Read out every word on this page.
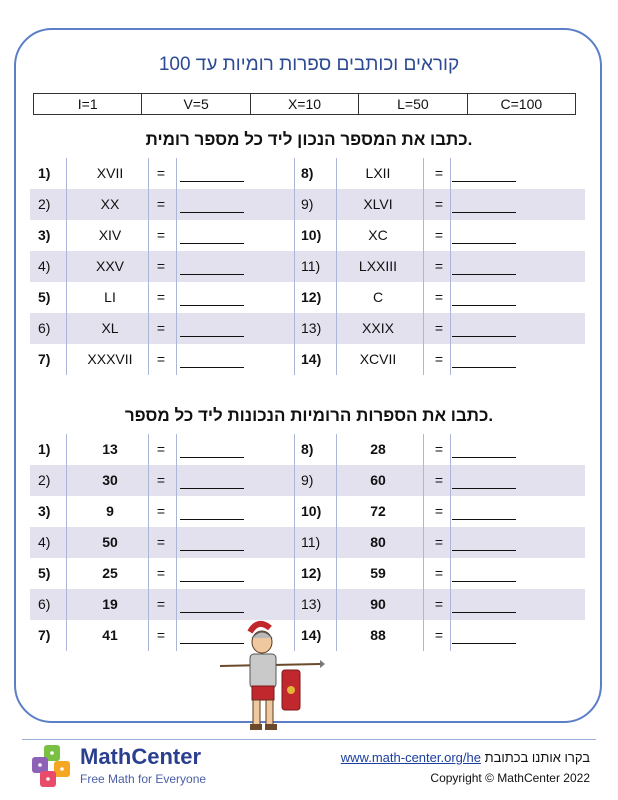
קוראים וכותבים ספרות רומיות עד 100
I=1	V=5	X=10	L=50	C=100
כתבו את המספר הנכון ליד כל מספר רומית.
1)	XVII	=	8)	LXII	=
2)	XX	=	9)	XLVI	=
3)	XIV	=	10)	XC	=
4)	XXV	=	11)	LXXIII	=
5)	LI	=	12)	C	=
6)	XL	=	13)	XXIX	=
7)	XXXVII	=	14)	XCVII	=
כתבו את הספרות הרומיות הנכונות ליד כל מספר.
1)	13	=	8)	28	=
2)	30	=	9)	60	=
3)	9	=	10)	72	=
4)	50	=	11)	80	=
5)	25	=	12)	59	=
6)	19	=	13)	90	=
7)	41	=	14)	88	=
MathCenter
Free Math for Everyone
www.math-center.org/he בקרו אותנו בכתובת
Copyright © MathCenter 2022
